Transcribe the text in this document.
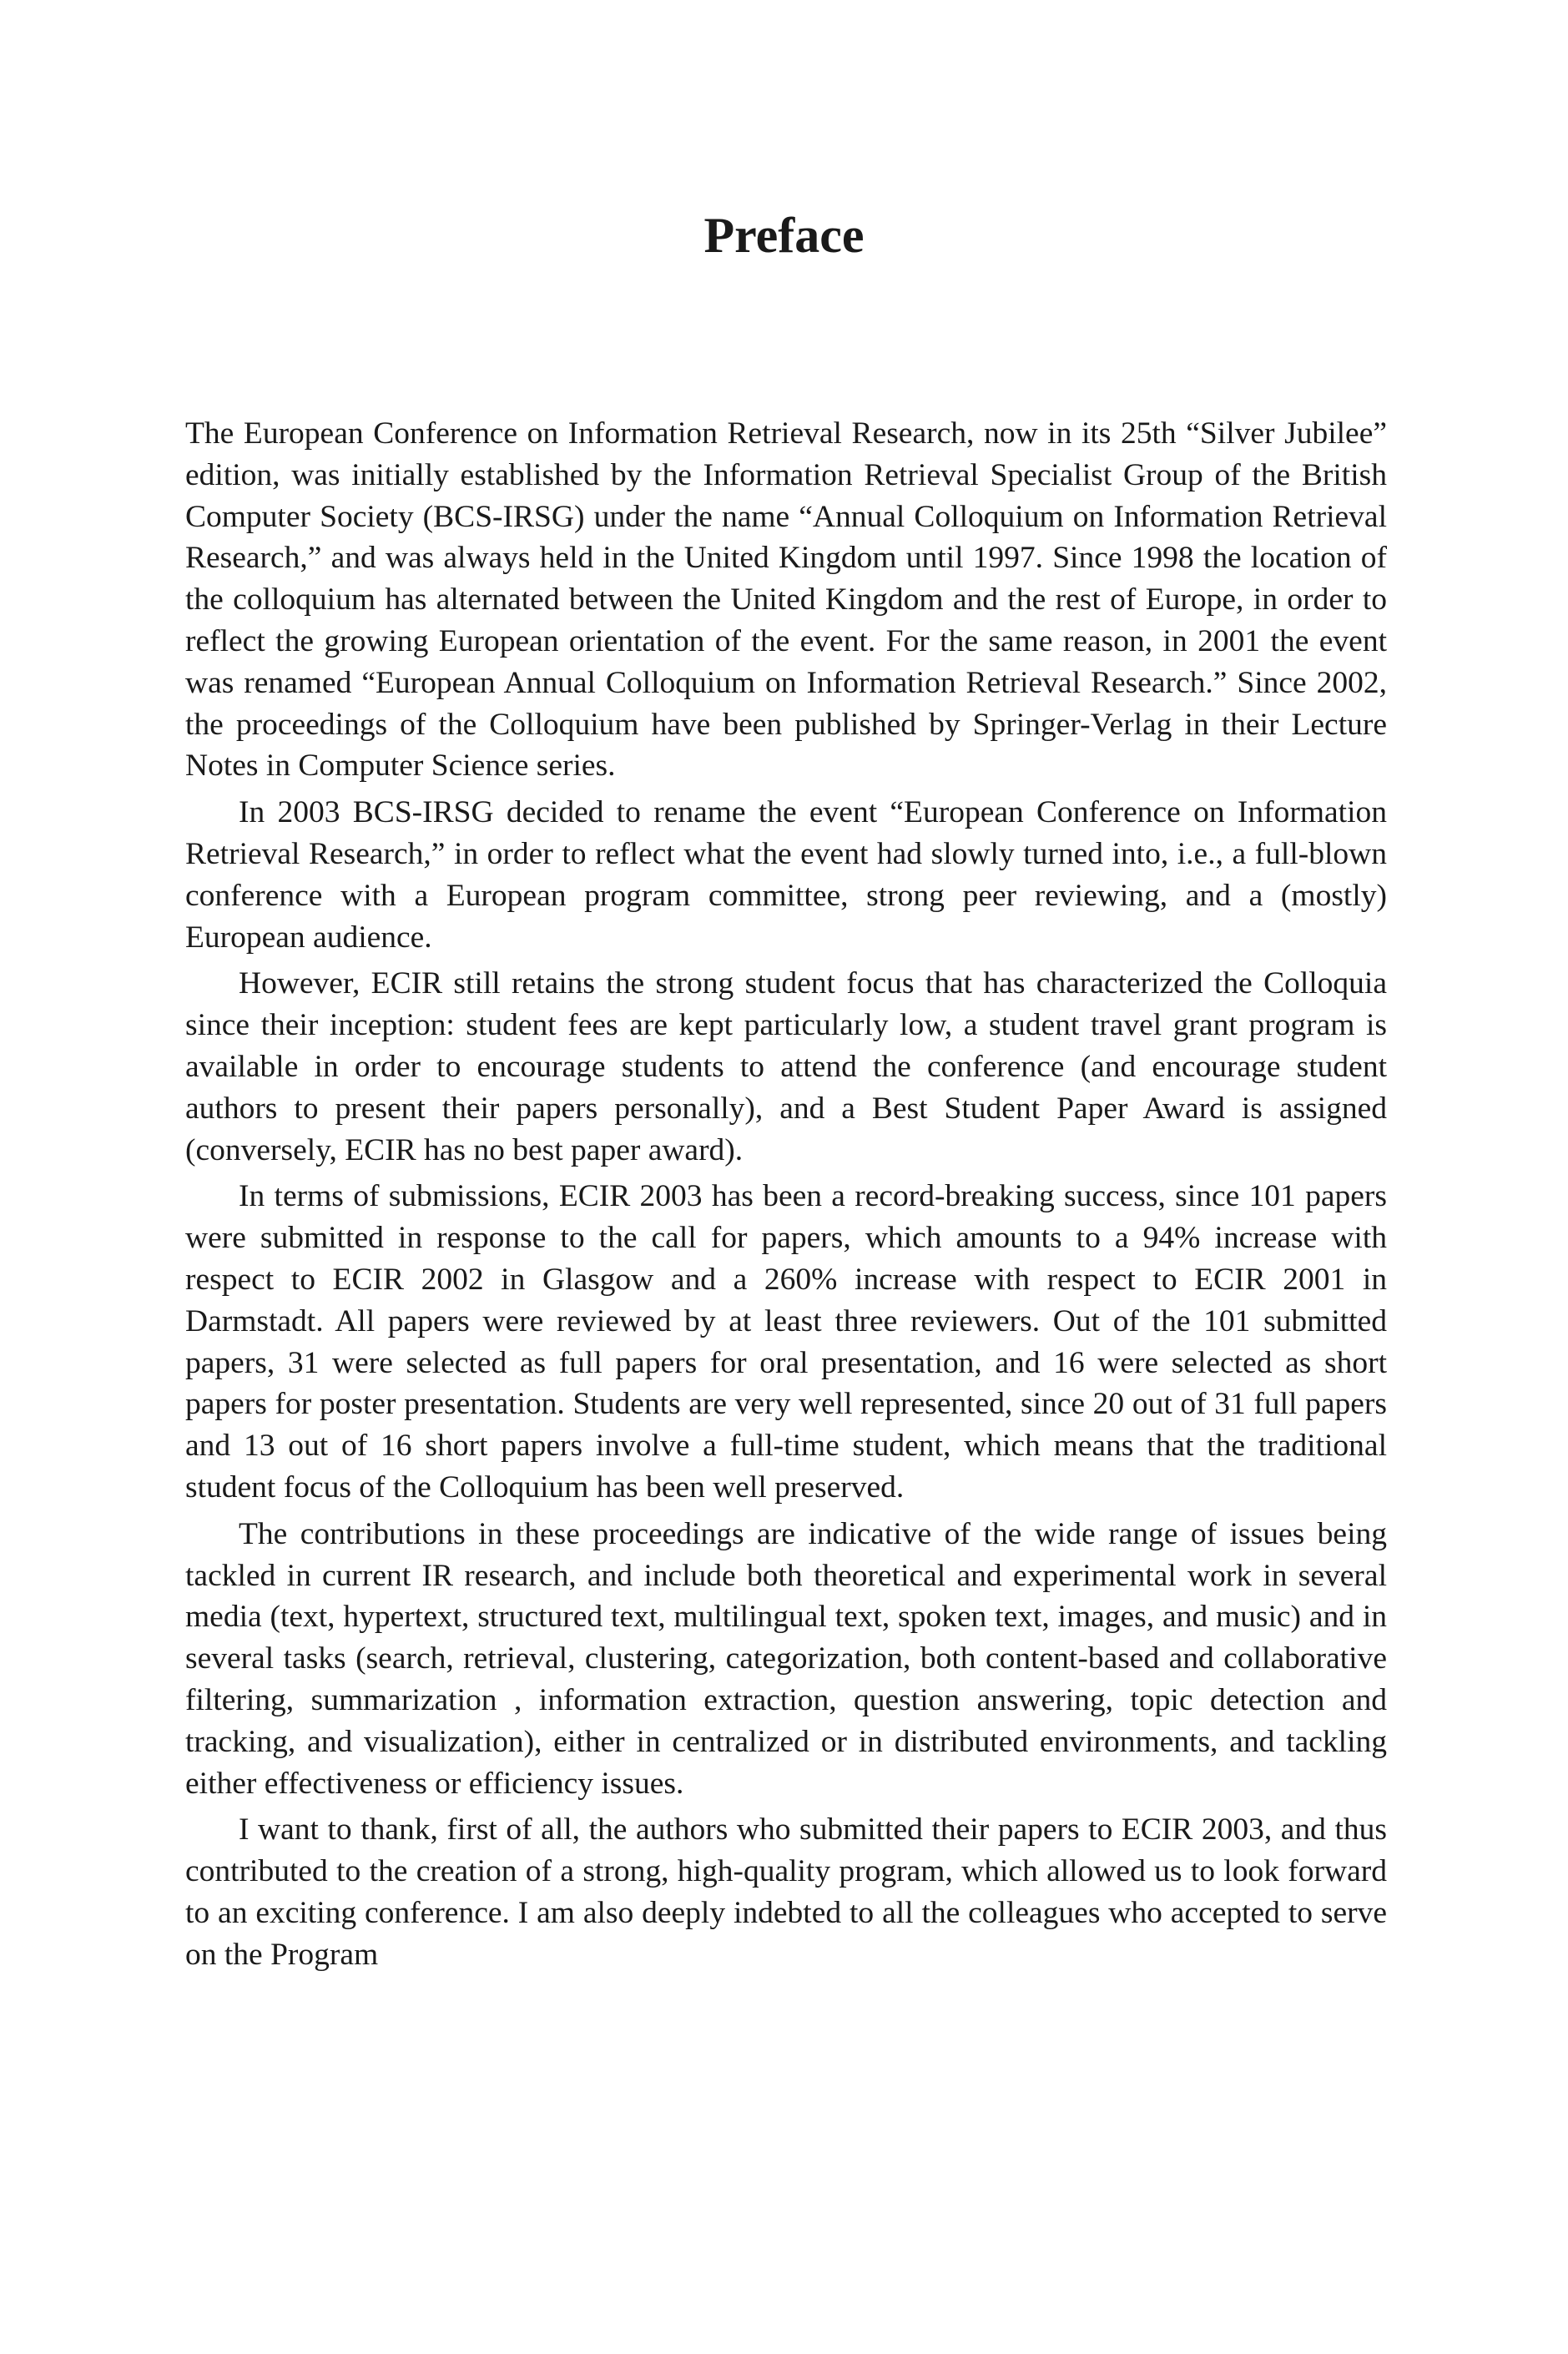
Preface

The European Conference on Information Retrieval Research, now in its 25th “Silver Jubilee” edition, was initially established by the Information Retrieval Specialist Group of the British Computer Society (BCS-IRSG) under the name “Annual Colloquium on Information Retrieval Research,” and was always held in the United Kingdom until 1997. Since 1998 the location of the colloquium has alternated between the United Kingdom and the rest of Europe, in order to reflect the growing European orientation of the event. For the same reason, in 2001 the event was renamed “European Annual Colloquium on Information Retrieval Research.” Since 2002, the proceedings of the Colloquium have been published by Springer-Verlag in their Lecture Notes in Computer Science series.

In 2003 BCS-IRSG decided to rename the event “European Conference on Information Retrieval Research,” in order to reflect what the event had slowly turned into, i.e., a full-blown conference with a European program committee, strong peer reviewing, and a (mostly) European audience.

However, ECIR still retains the strong student focus that has characterized the Colloquia since their inception: student fees are kept particularly low, a student travel grant program is available in order to encourage students to attend the conference (and encourage student authors to present their papers personally), and a Best Student Paper Award is assigned (conversely, ECIR has no best paper award).

In terms of submissions, ECIR 2003 has been a record-breaking success, since 101 papers were submitted in response to the call for papers, which amounts to a 94% increase with respect to ECIR 2002 in Glasgow and a 260% increase with respect to ECIR 2001 in Darmstadt. All papers were reviewed by at least three reviewers. Out of the 101 submitted papers, 31 were selected as full papers for oral presentation, and 16 were selected as short papers for poster presentation. Students are very well represented, since 20 out of 31 full papers and 13 out of 16 short papers involve a full-time student, which means that the traditional student focus of the Colloquium has been well preserved.

The contributions in these proceedings are indicative of the wide range of issues being tackled in current IR research, and include both theoretical and experimental work in several media (text, hypertext, structured text, multilingual text, spoken text, images, and music) and in several tasks (search, retrieval, clustering, categorization, both content-based and collaborative filtering, summarization , information extraction, question answering, topic detection and tracking, and visualization), either in centralized or in distributed environments, and tackling either effectiveness or efficiency issues.

I want to thank, first of all, the authors who submitted their papers to ECIR 2003, and thus contributed to the creation of a strong, high-quality program, which allowed us to look forward to an exciting conference. I am also deeply indebted to all the colleagues who accepted to serve on the Program
